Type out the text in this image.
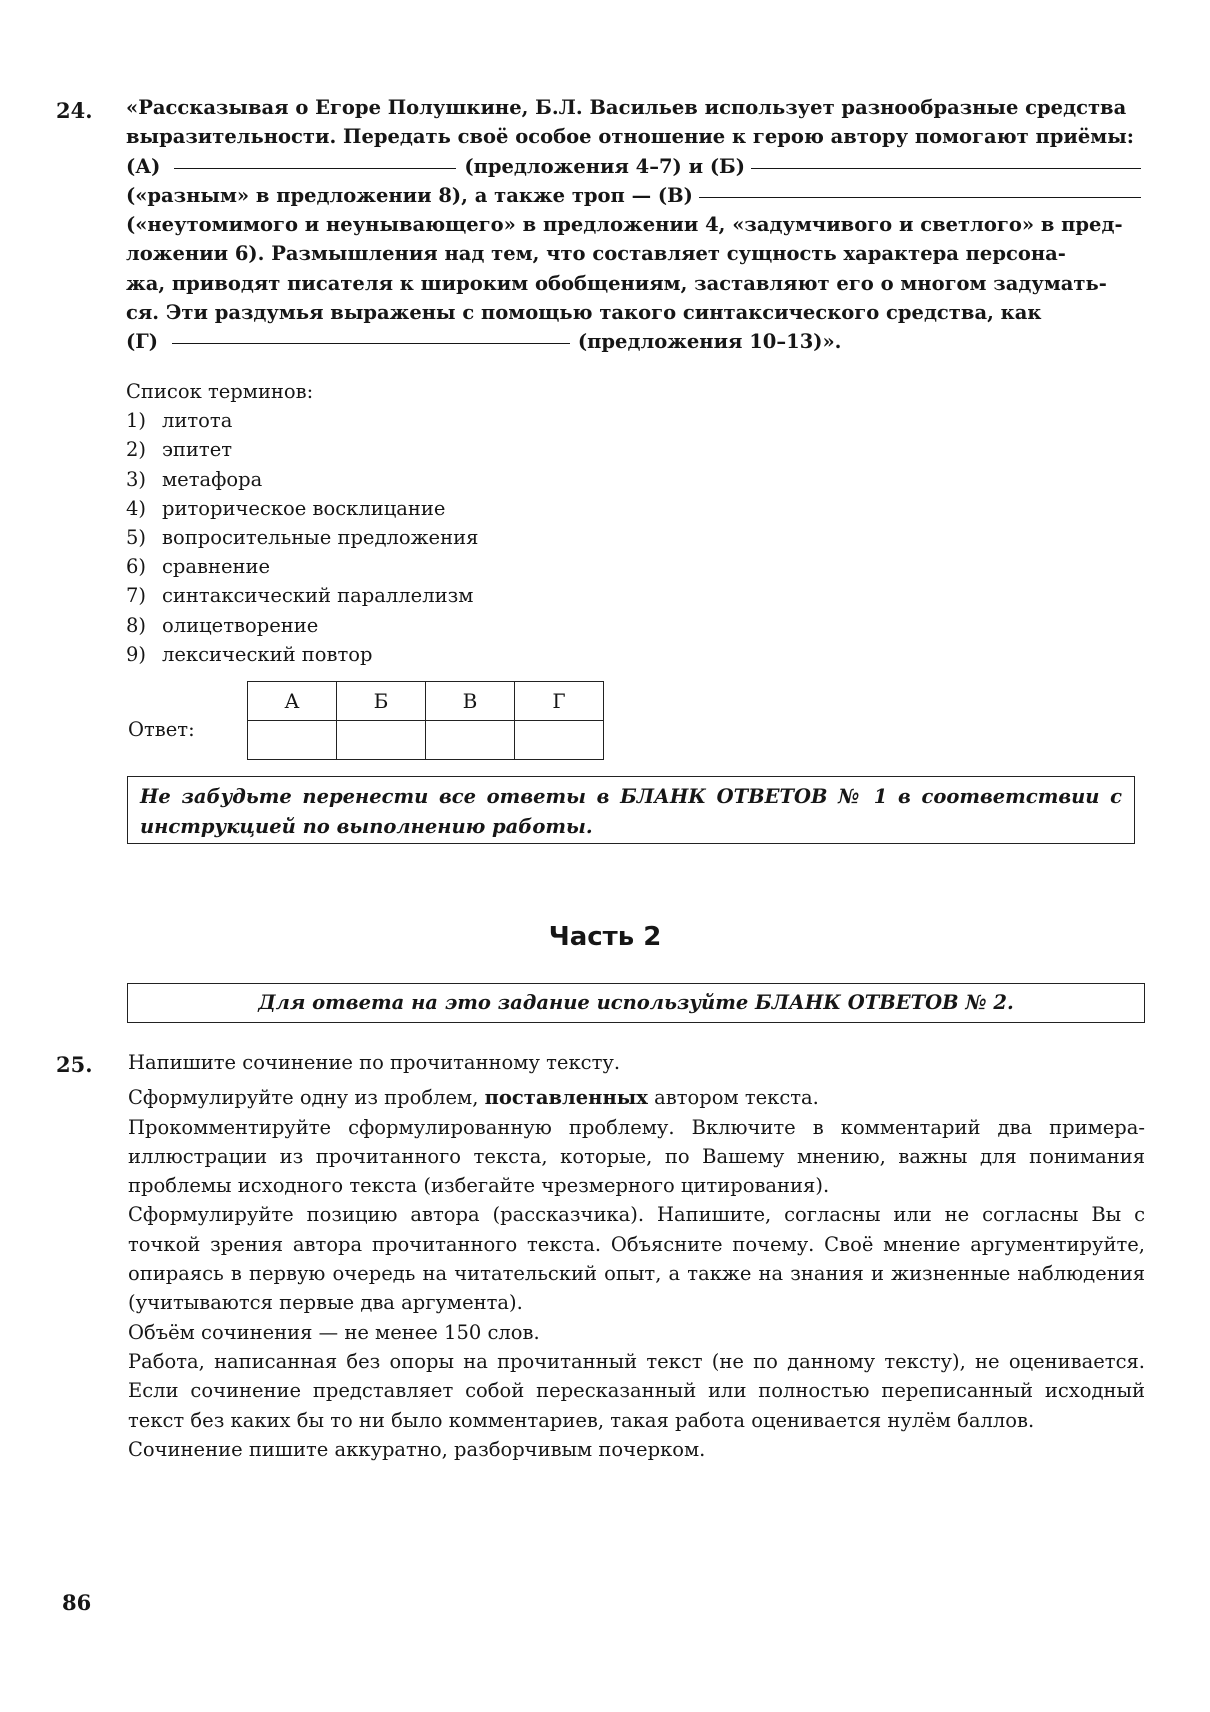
24. «Рассказывая о Егоре Полушкине, Б.Л. Васильев использует разнообразные средства
выразительности. Передать своё особое отношение к герою автору помогают приёмы:
(А)	(предложения 4–7) и (Б)
(«разным» в предложении 8), а также троп — (В)
(«неутомимого и неунывающего» в предложении 4, «задумчивого и светлого» в пред-
ложении 6). Размышления над тем, что составляет сущность характера персона-
жа, приводят писателя к широким обобщениям, заставляют его о многом задумать-
ся. Эти раздумья выражены с помощью такого синтаксического средства, как
(Г)	(предложения 10–13)».
Список терминов:
1) литота
2) эпитет
3) метафора
4) риторическое восклицание
5) вопросительные предложения
6) сравнение
7) синтаксический параллелизм
8) олицетворение
9) лексический повтор
Ответ:
А	Б	В	Г

Не забудьте перенести все ответы в БЛАНК ОТВЕТОВ № 1 в соответствии с инструкцией по выполнению работы.
Часть 2
Для ответа на это задание используйте БЛАНК ОТВЕТОВ № 2.
25. Напишите сочинение по прочитанному тексту.

Сформулируйте одну из проблем, поставленных автором текста.

Прокомментируйте сформулированную проблему. Включите в комментарий два примера-иллюстрации из прочитанного текста, которые, по Вашему мнению, важны для понимания проблемы исходного текста (избегайте чрезмерного цитирования).

Сформулируйте позицию автора (рассказчика). Напишите, согласны или не согласны Вы с точкой зрения автора прочитанного текста. Объясните почему. Своё мнение аргументируйте, опираясь в первую очередь на читательский опыт, а также на знания и жизненные наблюдения (учитываются первые два аргумента).

Объём сочинения — не менее 150 слов.

Работа, написанная без опоры на прочитанный текст (не по данному тексту), не оценивается. Если сочинение представляет собой пересказанный или полностью переписанный исходный текст без каких бы то ни было комментариев, такая работа оценивается нулём баллов.

Сочинение пишите аккуратно, разборчивым почерком.

86
